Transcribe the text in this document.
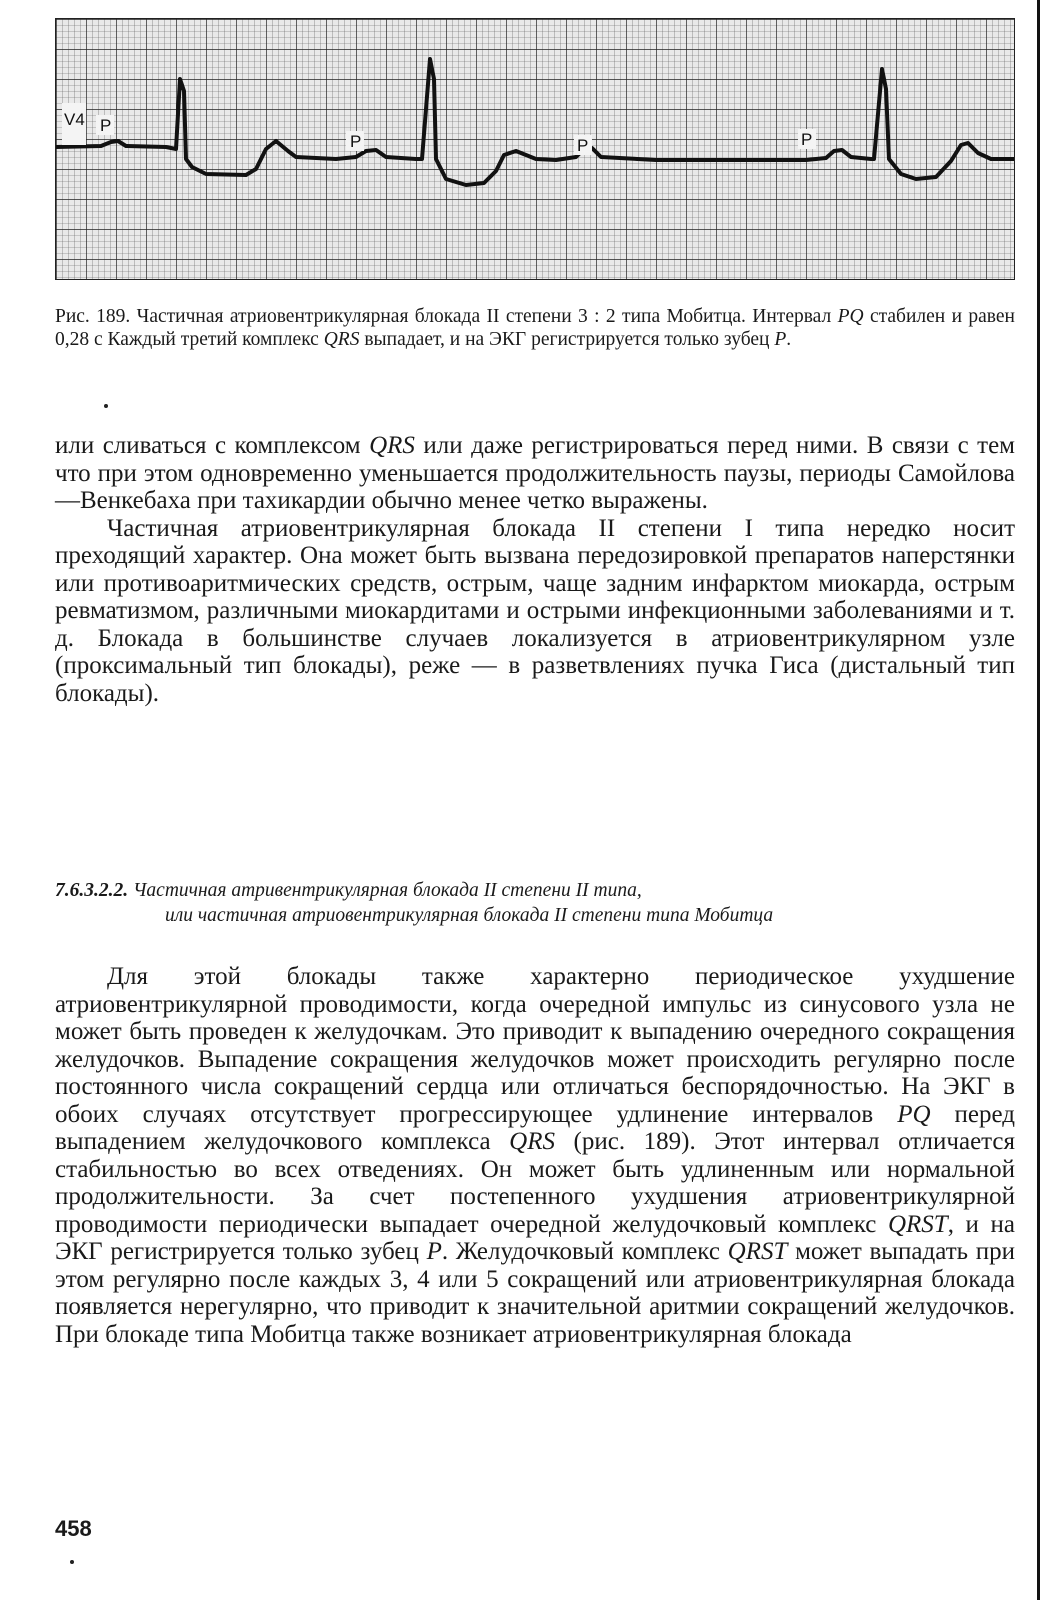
V4 P
P	P	P

Рис. 189. Частичная атриовентрикулярная блокада II степени 3 : 2 типа Мобитца. Интервал PQ стабилен и равен 0,28 с Каждый третий комплекс QRS выпадает, и на ЭКГ регистрируется только зубец P.

или сливаться с комплексом QRS или даже регистрироваться перед ними. В связи с тем что при этом одновременно уменьшается продолжительность паузы, периоды Самойлова—Венкебаха при тахикардии обычно менее четко выражены.

Частичная атриовентрикулярная блокада II степени I типа нередко носит преходящий характер. Она может быть вызвана передозировкой препаратов наперстянки или противоаритмических средств, острым, чаще задним инфарктом миокарда, острым ревматизмом, различными миокардитами и острыми инфекционными заболеваниями и т. д. Блокада в большинстве случаев локализуется в атриовентрикулярном узле (проксимальный тип блокады), реже — в разветвлениях пучка Гиса (дистальный тип блокады).

7.6.3.2.2. Частичная атривентрикулярная блокада II степени II типа,
или частичная атриовентрикулярная блокада II степени типа Мобитца

Для этой блокады также характерно периодическое ухудшение атриовентрикулярной проводимости, когда очередной импульс из синусового узла не может быть проведен к желудочкам. Это приводит к выпадению очередного сокращения желудочков. Выпадение сокращения желудочков может происходить регулярно после постоянного числа сокращений сердца или отличаться беспорядочностью. На ЭКГ в обоих случаях отсутствует прогрессирующее удлинение интервалов PQ перед выпадением желудочкового комплекса QRS (рис. 189). Этот интервал отличается стабильностью во всех отведениях. Он может быть удлиненным или нормальной продолжительности. За счет постепенного ухудшения атриовентрикулярной проводимости периодически выпадает очередной желудочковый комплекс QRST, и на ЭКГ регистрируется только зубец P. Желудочковый комплекс QRST может выпадать при этом регулярно после каждых 3, 4 или 5 сокращений или атриовентрикулярная блокада появляется нерегулярно, что приводит к значительной аритмии сокращений желудочков. При блокаде типа Мобитца также возникает атриовентрикулярная блокада

458
